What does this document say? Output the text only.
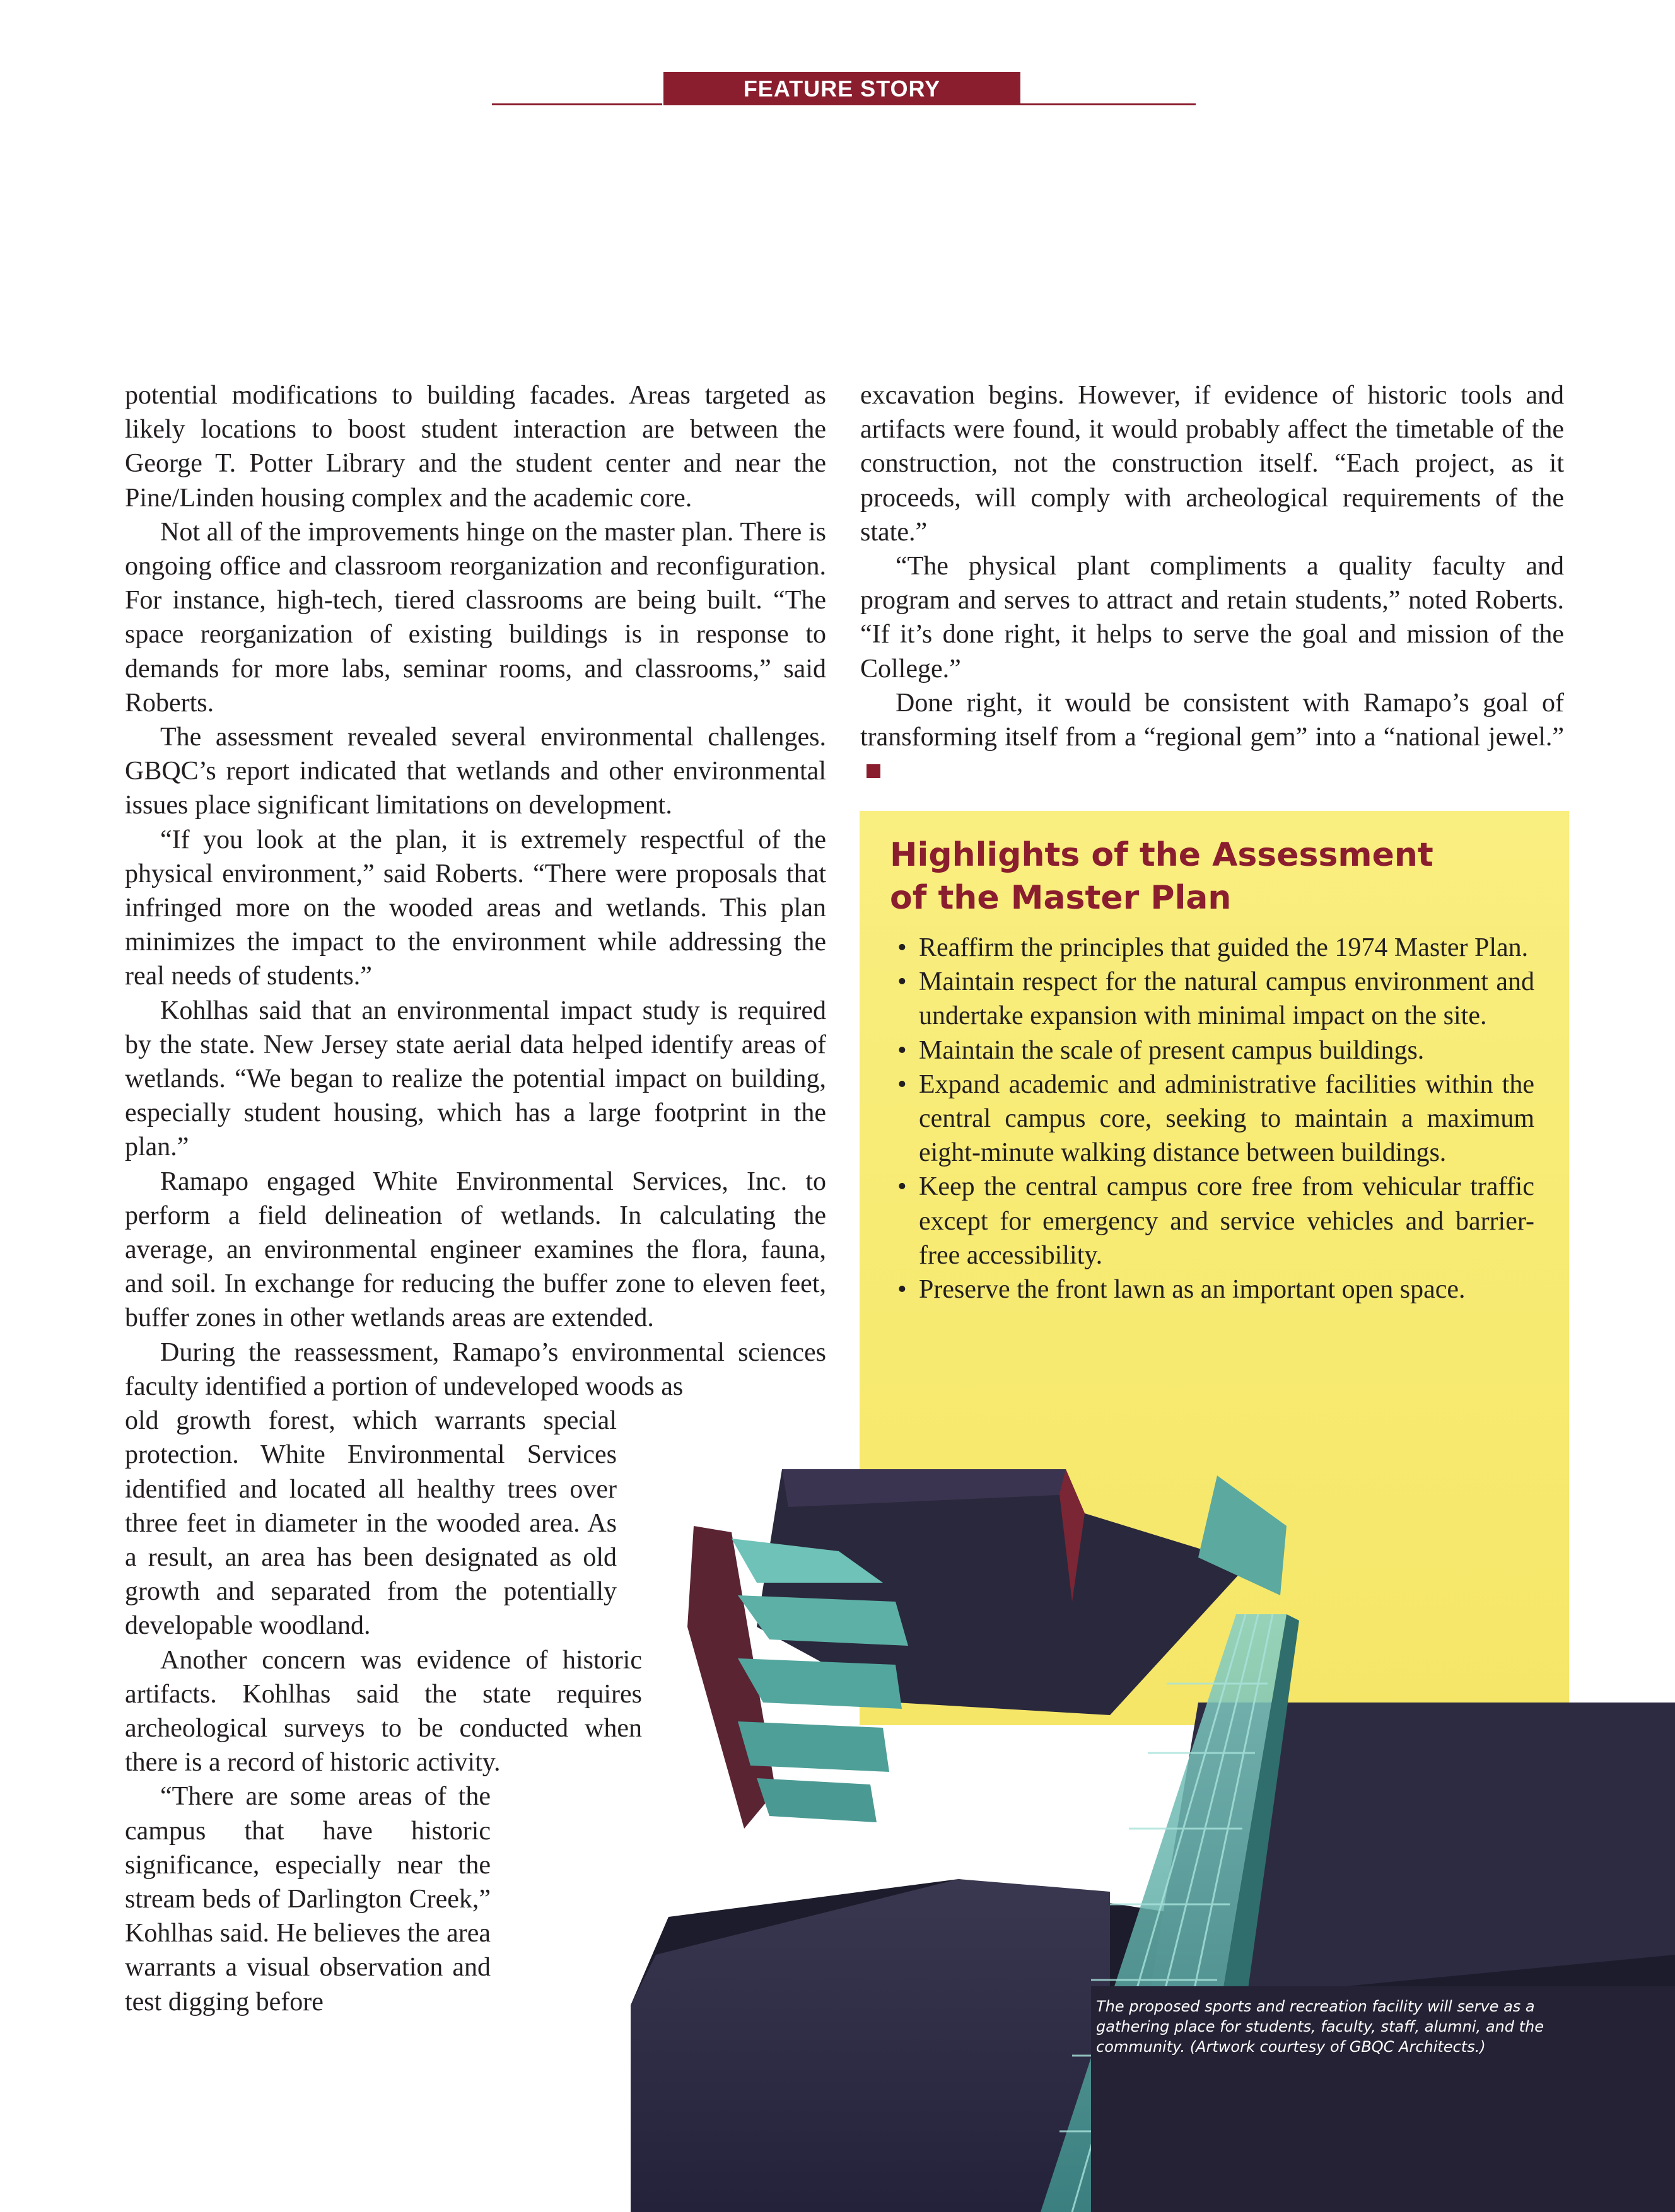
FEATURE STORY

potential modifications to building facades. Areas targeted as likely locations to boost student interaction are between the George T. Potter Library and the student center and near the Pine/Linden housing complex and the academic core.

Not all of the improvements hinge on the master plan. There is ongoing office and classroom reorganization and reconfiguration. For instance, high-tech, tiered classrooms are being built. “The space reorganization of existing buildings is in response to demands for more labs, seminar rooms, and classrooms,” said Roberts.

The assessment revealed several environmental challenges. GBQC’s report indicated that wetlands and other environmental issues place significant limitations on development.

“If you look at the plan, it is extremely respectful of the physical environment,” said Roberts. “There were proposals that infringed more on the wooded areas and wetlands. This plan minimizes the impact to the environment while addressing the real needs of students.”

Kohlhas said that an environmental impact study is required by the state. New Jersey state aerial data helped identify areas of wetlands. “We began to realize the potential impact on building, especially student housing, which has a large footprint in the plan.”

Ramapo engaged White Environmental Services, Inc. to perform a field delineation of wetlands. In calculating the average, an environmental engineer examines the flora, fauna, and soil. In exchange for reducing the buffer zone to eleven feet, buffer zones in other wetlands areas are extended.

During the reassessment, Ramapo’s environmental sciences faculty identified a portion of undeveloped woods as

old growth forest, which warrants special protection. White Environmental Services identified and located all healthy trees over three feet in diameter in the wooded area. As a result, an area has been designated as old growth and separated from the potentially developable woodland.

Another concern was evidence of historic artifacts. Kohlhas said the state requires archeological surveys to be conducted when there is a record of historic activity.

“There are some areas of the campus that have historic significance, especially near the stream beds of Darlington Creek,” Kohlhas said. He believes the area warrants a visual observation and test digging before

excavation begins. However, if evidence of historic tools and artifacts were found, it would probably affect the timetable of the construction, not the construction itself. “Each project, as it proceeds, will comply with archeological requirements of the state.”

“The physical plant compliments a quality faculty and program and serves to attract and retain students,” noted Roberts. “If it’s done right, it helps to serve the goal and mission of the College.”

Done right, it would be consistent with Ramapo’s goal of transforming itself from a “regional gem” into a “national jewel.”

Highlights of the Assessment
of the Master Plan
• Reaffirm the principles that guided the 1974 Master Plan.
• Maintain respect for the natural campus environment and undertake expansion with minimal impact on the site.
• Maintain the scale of present campus buildings.
• Expand academic and administrative facilities within the central campus core, seeking to maintain a maximum eight-minute walking distance between buildings.
• Keep the central campus core free from vehicular traffic except for emergency and service vehicles and barrier-free accessibility.
• Preserve the front lawn as an important open space.
The proposed sports and recreation facility will serve as a gathering place for students, faculty, staff, alumni, and the community. (Artwork courtesy of GBQC Architects.)
